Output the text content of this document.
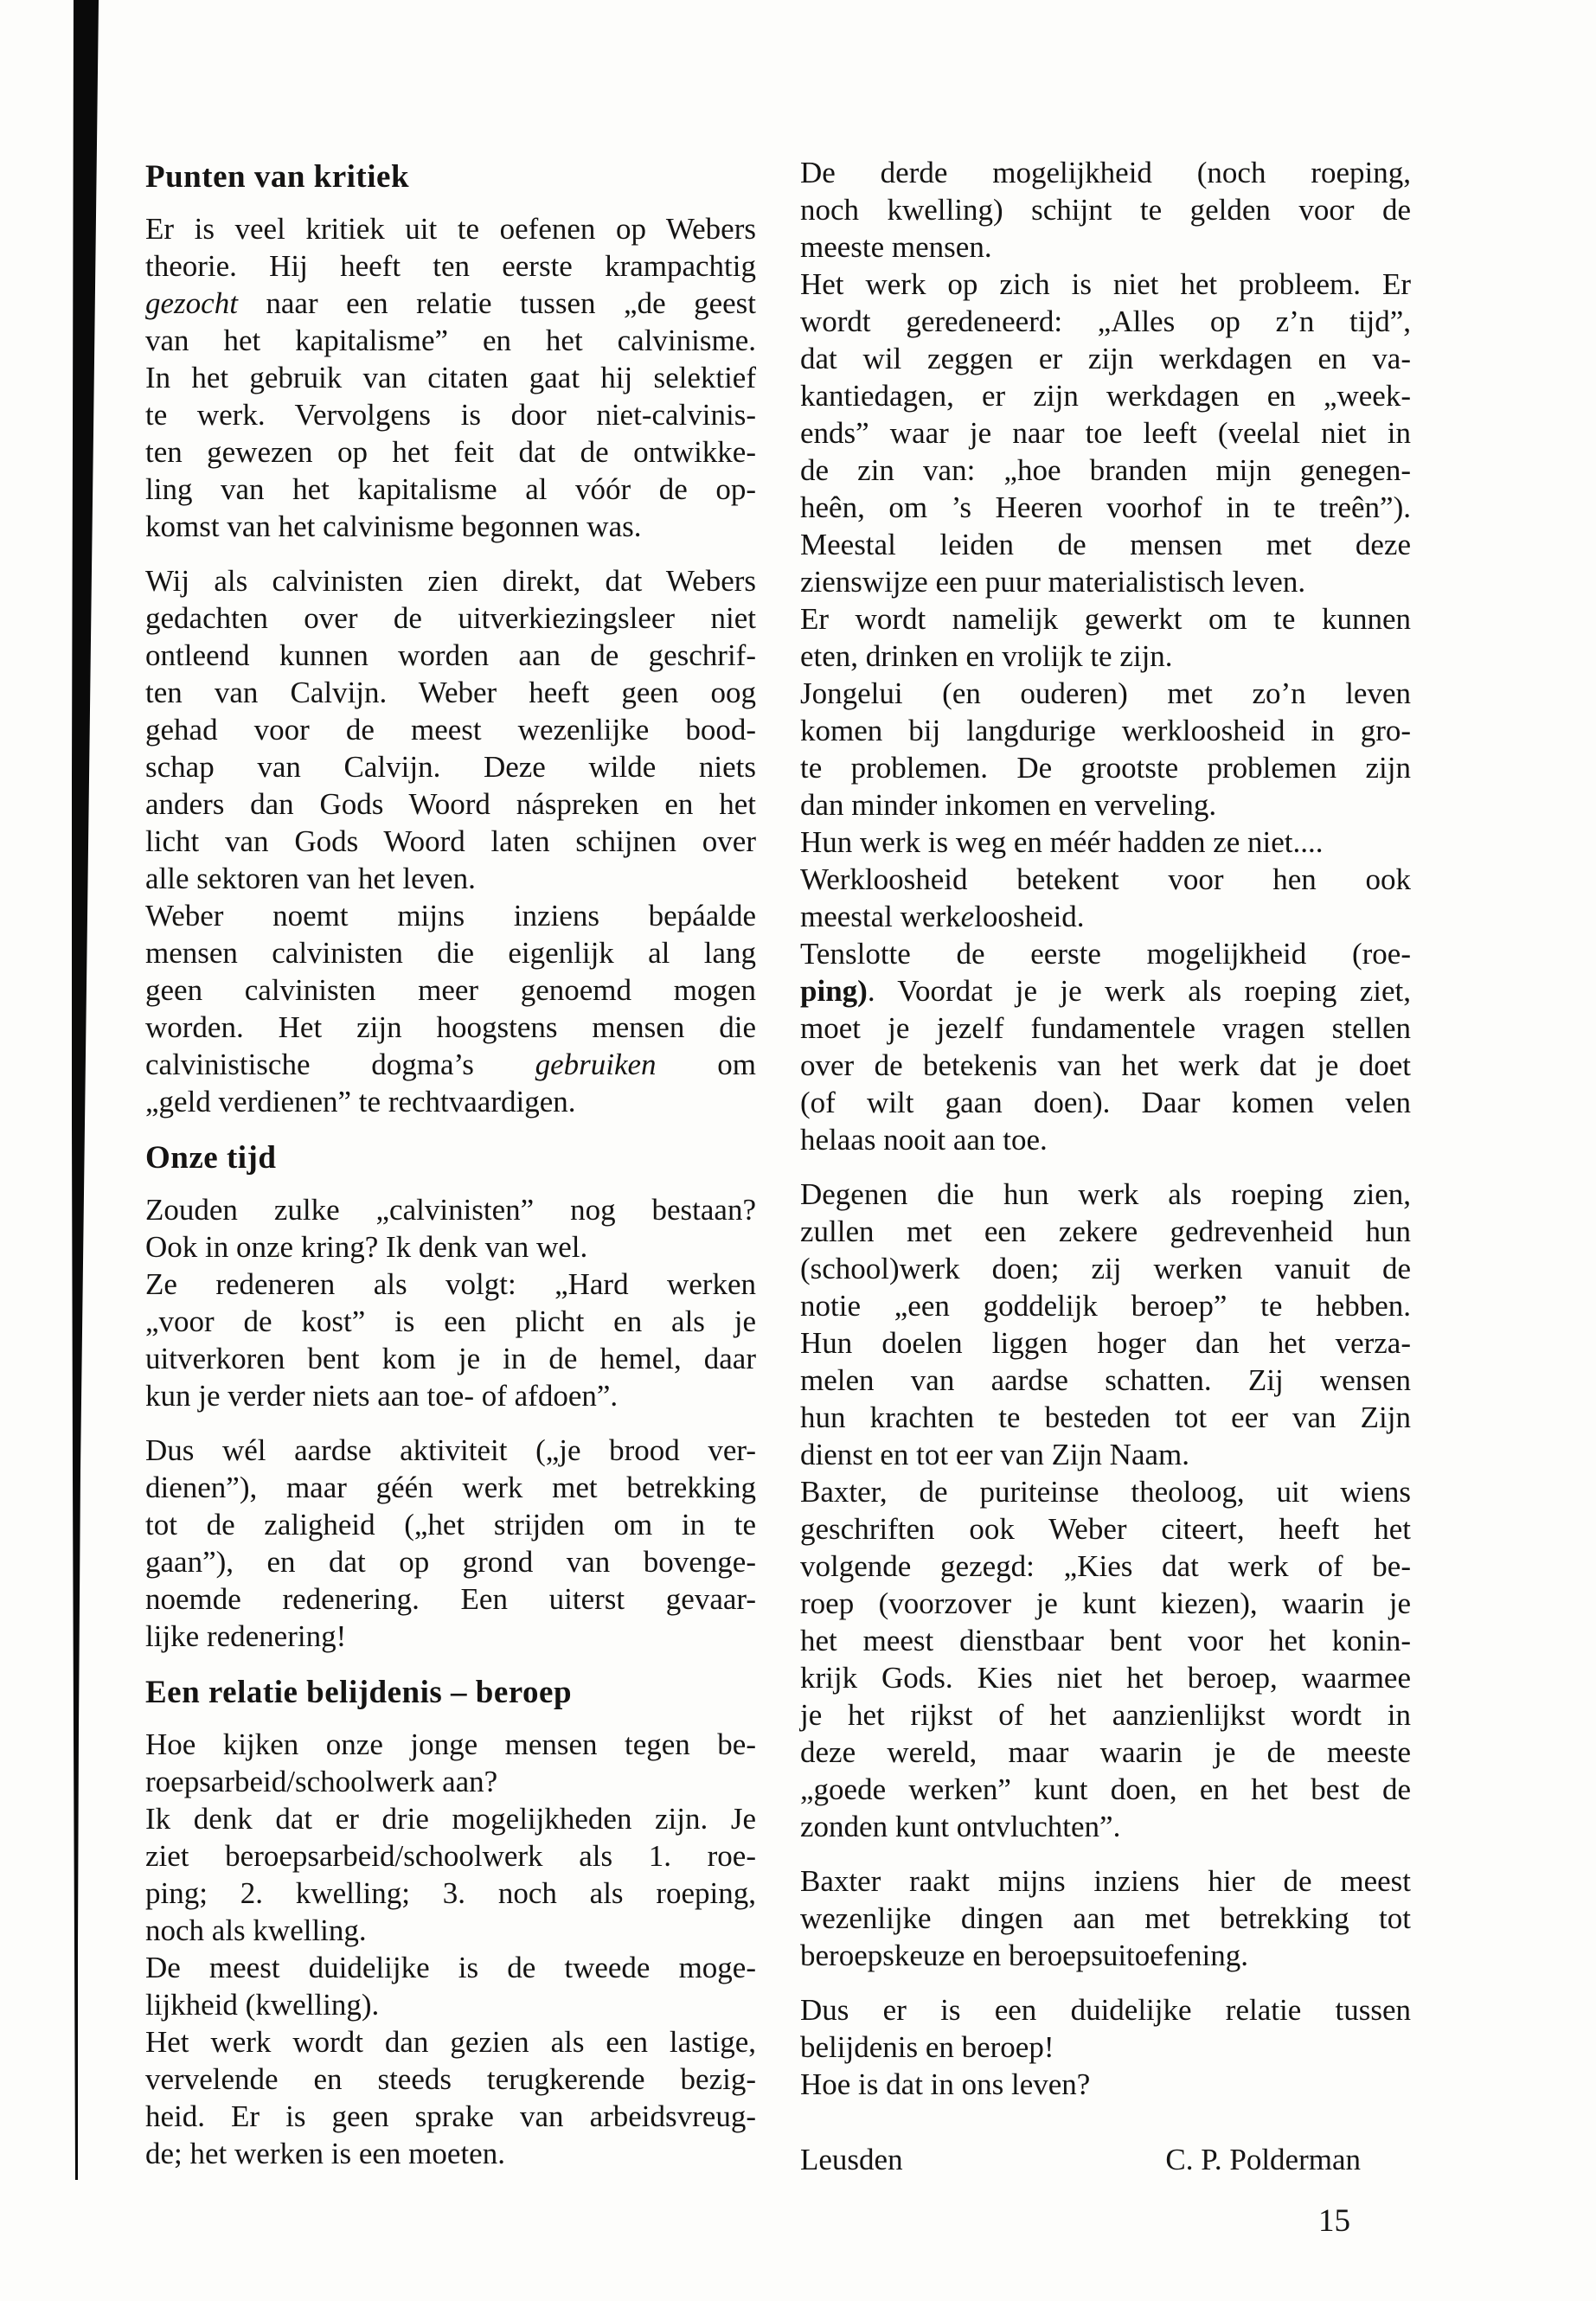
Punten van kritiek
Er is veel kritiek uit te oefenen op Webers
theorie. Hij heeft ten eerste krampachtig
gezocht naar een relatie tussen „de geest
van het kapitalisme” en het calvinisme.
In het gebruik van citaten gaat hij selektief
te werk. Vervolgens is door niet-calvinis-
ten gewezen op het feit dat de ontwikke-
ling van het kapitalisme al vóór de op-
komst van het calvinisme begonnen was.
Wij als calvinisten zien direkt, dat Webers
gedachten over de uitverkiezingsleer niet
ontleend kunnen worden aan de geschrif-
ten van Calvijn. Weber heeft geen oog
gehad voor de meest wezenlijke bood-
schap van Calvijn. Deze wilde niets
anders dan Gods Woord náspreken en het
licht van Gods Woord laten schijnen over
alle sektoren van het leven.
Weber noemt mijns inziens bepáalde
mensen calvinisten die eigenlijk al lang
geen calvinisten meer genoemd mogen
worden. Het zijn hoogstens mensen die
calvinistische dogma’s gebruiken om
„geld verdienen” te rechtvaardigen.
Onze tijd
Zouden zulke „calvinisten” nog bestaan?
Ook in onze kring? Ik denk van wel.
Ze redeneren als volgt: „Hard werken
„voor de kost” is een plicht en als je
uitverkoren bent kom je in de hemel, daar
kun je verder niets aan toe- of afdoen”.
Dus wél aardse aktiviteit („je brood ver-
dienen”), maar géén werk met betrekking
tot de zaligheid („het strijden om in te
gaan”), en dat op grond van bovenge-
noemde redenering. Een uiterst gevaar-
lijke redenering!
Een relatie belijdenis – beroep
Hoe kijken onze jonge mensen tegen be-
roepsarbeid/schoolwerk aan?
Ik denk dat er drie mogelijkheden zijn. Je
ziet beroepsarbeid/schoolwerk als 1. roe-
ping; 2. kwelling; 3. noch als roeping,
noch als kwelling.
De meest duidelijke is de tweede moge-
lijkheid (kwelling).
Het werk wordt dan gezien als een lastige,
vervelende en steeds terugkerende bezig-
heid. Er is geen sprake van arbeidsvreug-
de; het werken is een moeten.
De derde mogelijkheid (noch roeping,
noch kwelling) schijnt te gelden voor de
meeste mensen.
Het werk op zich is niet het probleem. Er
wordt geredeneerd: „Alles op z’n tijd”,
dat wil zeggen er zijn werkdagen en va-
kantiedagen, er zijn werkdagen en „week-
ends” waar je naar toe leeft (veelal niet in
de zin van: „hoe branden mijn genegen-
heên, om ’s Heeren voorhof in te treên”).
Meestal leiden de mensen met deze
zienswijze een puur materialistisch leven.
Er wordt namelijk gewerkt om te kunnen
eten, drinken en vrolijk te zijn.
Jongelui (en ouderen) met zo’n leven
komen bij langdurige werkloosheid in gro-
te problemen. De grootste problemen zijn
dan minder inkomen en verveling.
Hun werk is weg en méér hadden ze niet....
Werkloosheid betekent voor hen ook
meestal werkeloosheid.
Tenslotte de eerste mogelijkheid (roe-
ping). Voordat je je werk als roeping ziet,
moet je jezelf fundamentele vragen stellen
over de betekenis van het werk dat je doet
(of wilt gaan doen). Daar komen velen
helaas nooit aan toe.
Degenen die hun werk als roeping zien,
zullen met een zekere gedrevenheid hun
(school)werk doen; zij werken vanuit de
notie „een goddelijk beroep” te hebben.
Hun doelen liggen hoger dan het verza-
melen van aardse schatten. Zij wensen
hun krachten te besteden tot eer van Zijn
dienst en tot eer van Zijn Naam.
Baxter, de puriteinse theoloog, uit wiens
geschriften ook Weber citeert, heeft het
volgende gezegd: „Kies dat werk of be-
roep (voorzover je kunt kiezen), waarin je
het meest dienstbaar bent voor het konin-
krijk Gods. Kies niet het beroep, waarmee
je het rijkst of het aanzienlijkst wordt in
deze wereld, maar waarin je de meeste
„goede werken” kunt doen, en het best de
zonden kunt ontvluchten”.
Baxter raakt mijns inziens hier de meest
wezenlijke dingen aan met betrekking tot
beroepskeuze en beroepsuitoefening.
Dus er is een duidelijke relatie tussen
belijdenis en beroep!
Hoe is dat in ons leven?
Leusden	C. P. Polderman
15
